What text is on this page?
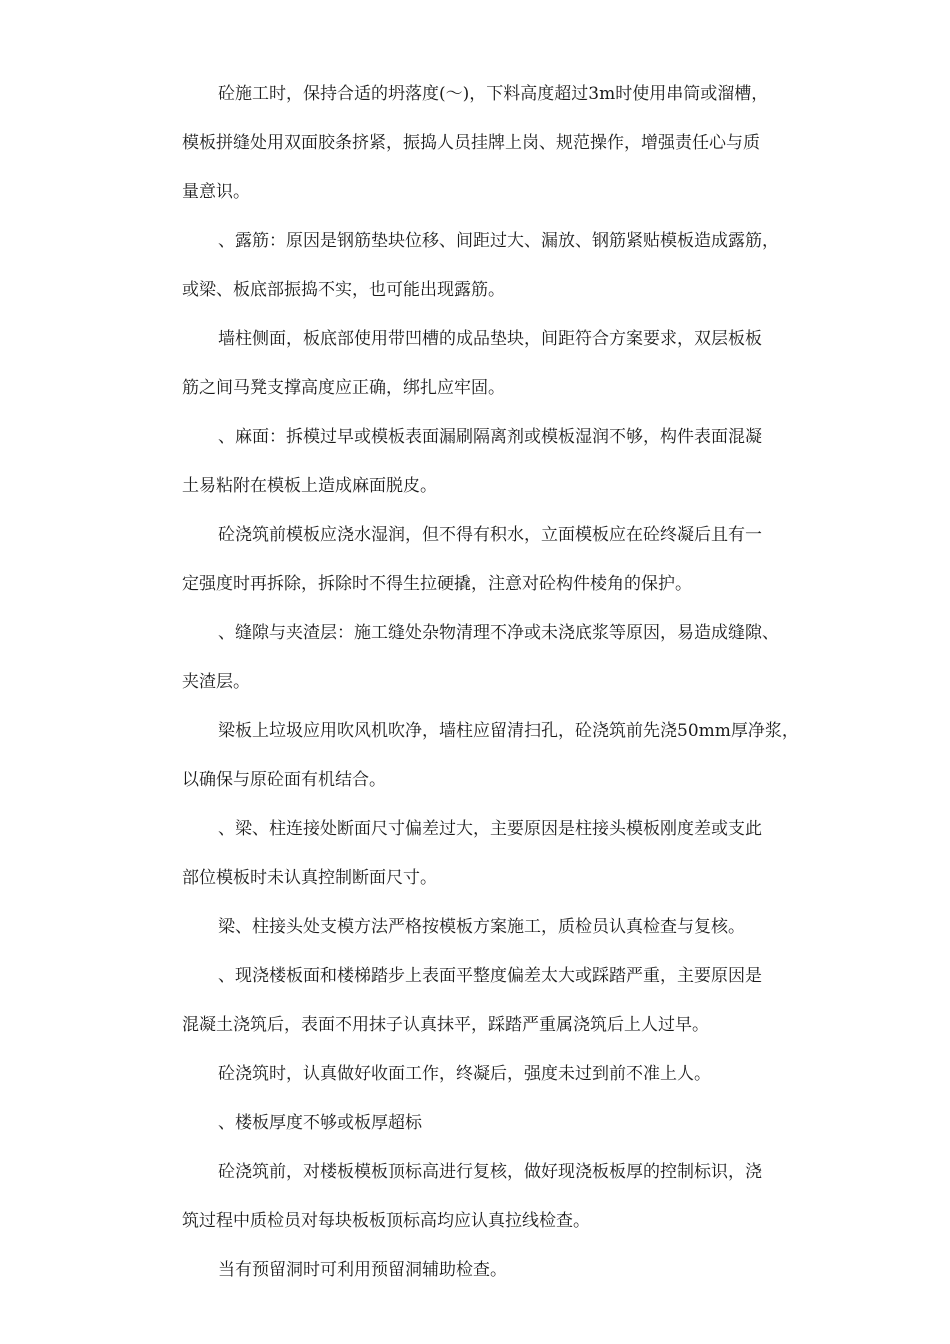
砼施工时，保持合适的坍落度(～)，下料高度超过3m时使用串筒或溜槽，
模板拼缝处用双面胶条挤紧，振捣人员挂牌上岗、规范操作，增强责任心与质
量意识。
、露筋：原因是钢筋垫块位移、间距过大、漏放、钢筋紧贴模板造成露筋，
或梁、板底部振捣不实，也可能出现露筋。
墙柱侧面，板底部使用带凹槽的成品垫块，间距符合方案要求，双层板板
筋之间马凳支撑高度应正确，绑扎应牢固。
、麻面：拆模过早或模板表面漏刷隔离剂或模板湿润不够，构件表面混凝
土易粘附在模板上造成麻面脱皮。
砼浇筑前模板应浇水湿润，但不得有积水，立面模板应在砼终凝后且有一
定强度时再拆除，拆除时不得生拉硬撬，注意对砼构件棱角的保护。
、缝隙与夹渣层：施工缝处杂物清理不净或未浇底浆等原因，易造成缝隙、
夹渣层。
梁板上垃圾应用吹风机吹净，墙柱应留清扫孔，砼浇筑前先浇50mm厚净浆，
以确保与原砼面有机结合。
、梁、柱连接处断面尺寸偏差过大，主要原因是柱接头模板刚度差或支此
部位模板时未认真控制断面尺寸。
梁、柱接头处支模方法严格按模板方案施工，质检员认真检查与复核。
、现浇楼板面和楼梯踏步上表面平整度偏差太大或踩踏严重，主要原因是
混凝土浇筑后，表面不用抹子认真抹平，踩踏严重属浇筑后上人过早。
砼浇筑时，认真做好收面工作，终凝后，强度未过到前不准上人。
、楼板厚度不够或板厚超标
砼浇筑前，对楼板模板顶标高进行复核，做好现浇板板厚的控制标识，浇
筑过程中质检员对每块板板顶标高均应认真拉线检查。
当有预留洞时可利用预留洞辅助检查。
